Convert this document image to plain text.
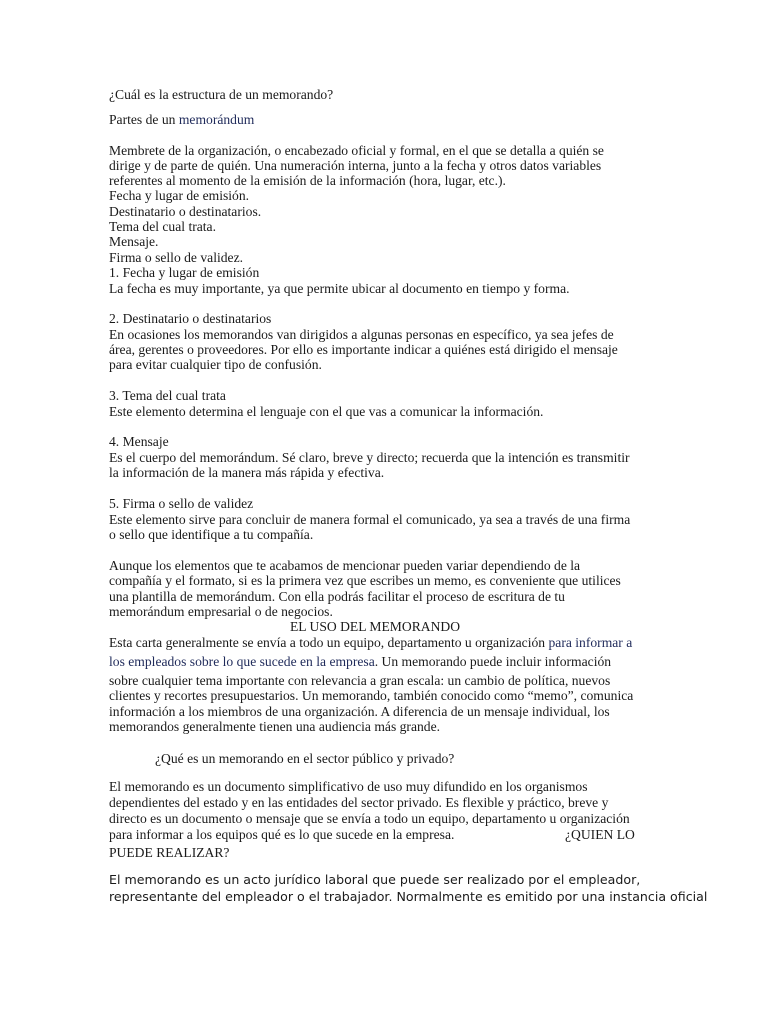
¿Cuál es la estructura de un memorando?
Partes de un memorándum
Membrete de la organización, o encabezado oficial y formal, en el que se detalla a quién se
dirige y de parte de quién. Una numeración interna, junto a la fecha y otros datos variables
referentes al momento de la emisión de la información (hora, lugar, etc.).
Fecha y lugar de emisión.
Destinatario o destinatarios.
Tema del cual trata.
Mensaje.
Firma o sello de validez.
1. Fecha y lugar de emisión
La fecha es muy importante, ya que permite ubicar al documento en tiempo y forma.
2. Destinatario o destinatarios
En ocasiones los memorandos van dirigidos a algunas personas en específico, ya sea jefes de
área, gerentes o proveedores. Por ello es importante indicar a quiénes está dirigido el mensaje
para evitar cualquier tipo de confusión.
3. Tema del cual trata
Este elemento determina el lenguaje con el que vas a comunicar la información.
4. Mensaje
Es el cuerpo del memorándum. Sé claro, breve y directo; recuerda que la intención es transmitir
la información de la manera más rápida y efectiva.
5. Firma o sello de validez
Este elemento sirve para concluir de manera formal el comunicado, ya sea a través de una firma
o sello que identifique a tu compañía.
Aunque los elementos que te acabamos de mencionar pueden variar dependiendo de la
compañía y el formato, si es la primera vez que escribes un memo, es conveniente que utilices
una plantilla de memorándum. Con ella podrás facilitar el proceso de escritura de tu
memorándum empresarial o de negocios.
EL USO DEL MEMORANDO
Esta carta generalmente se envía a todo un equipo, departamento u organización para informar a
los empleados sobre lo que sucede en la empresa. Un memorando puede incluir información
sobre cualquier tema importante con relevancia a gran escala: un cambio de política, nuevos
clientes y recortes presupuestarios. Un memorando, también conocido como “memo”, comunica
información a los miembros de una organización. A diferencia de un mensaje individual, los
memorandos generalmente tienen una audiencia más grande.
¿Qué es un memorando en el sector público y privado?
El memorando es un documento simplificativo de uso muy difundido en los organismos
dependientes del estado y en las entidades del sector privado. Es flexible y práctico, breve y
directo es un documento o mensaje que se envía a todo un equipo, departamento u organización
para informar a los equipos qué es lo que sucede en la empresa.	¿QUIEN LO
PUEDE REALIZAR?
El memorando es un acto jurídico laboral que puede ser realizado por el empleador,
representante del empleador o el trabajador. Normalmente es emitido por una instancia oficial
